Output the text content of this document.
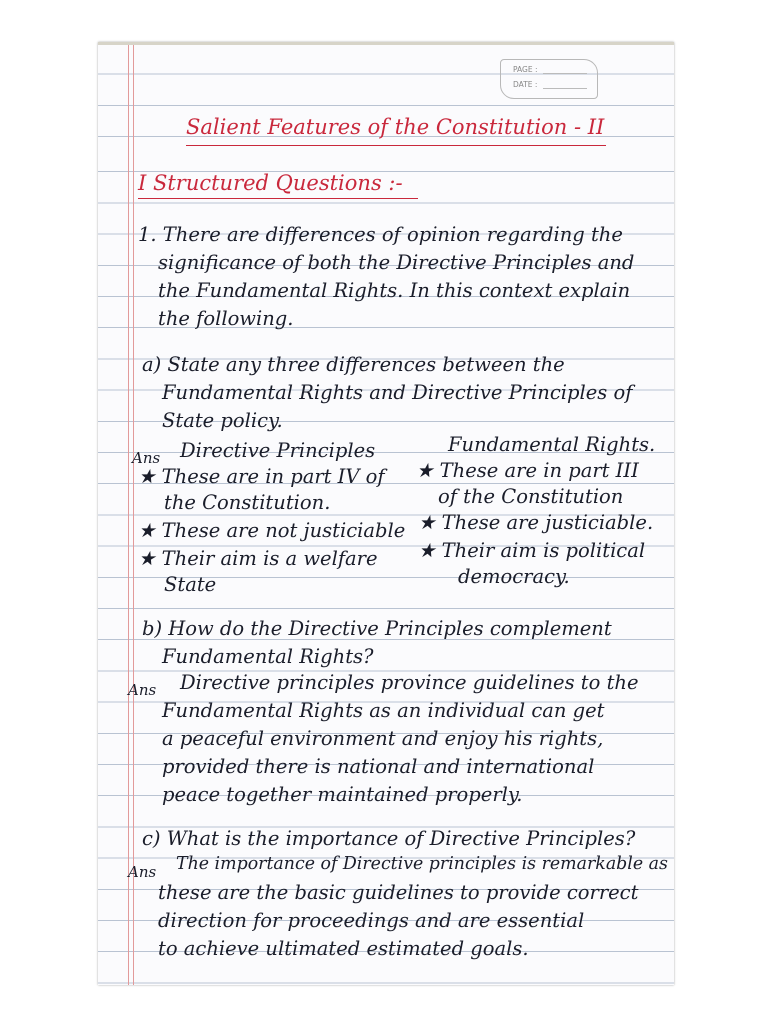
PAGE :
DATE :
Salient Features of the Constitution - II
I Structured Questions :-
1. There are differences of opinion regarding the
significance of both the Directive Principles and
the Fundamental Rights. In this context explain
the following.
a) State any three differences between the
Fundamental Rights and Directive Principles of
State policy.
Ans Directive Principles	Fundamental Rights.
★ These are in part IV of
the Constitution.
★ These are not justiciable
★ Their aim is a welfare
State
★ These are in part III
of the Constitution
★ These are justiciable.
★ Their aim is political
democracy.
b) How do the Directive Principles complement
Fundamental Rights?
Ans Directive principles province guidelines to the
Fundamental Rights as an individual can get
a peaceful environment and enjoy his rights,
provided there is national and international
peace together maintained properly.
c) What is the importance of Directive Principles?
Ans The importance of Directive principles is remarkable as
these are the basic guidelines to provide correct
direction for proceedings and are essential
to achieve ultimated estimated goals.
